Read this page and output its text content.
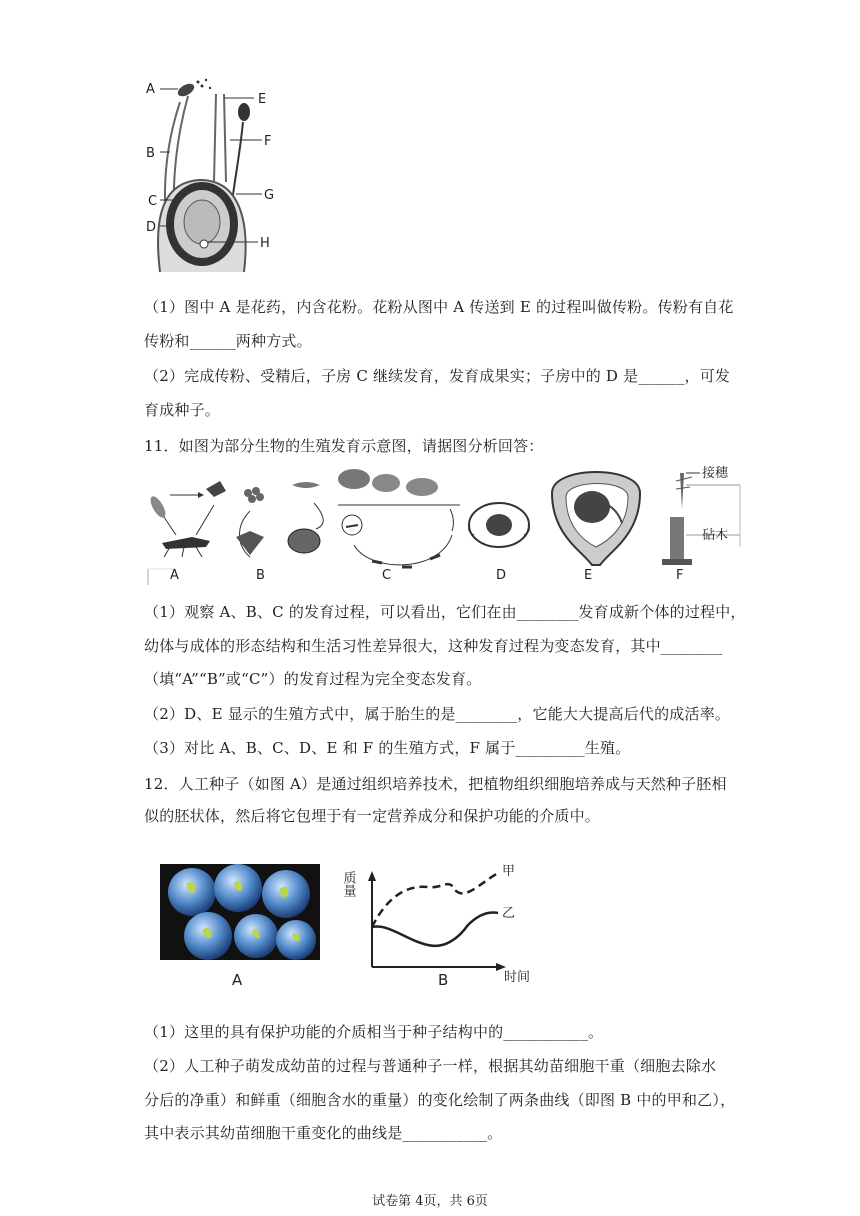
A
B
C
D
E
F
G
H
（1）图中 A 是花药，内含花粉。花粉从图中 A 传送到 E 的过程叫做传粉。传粉有自花
传粉和______两种方式。
（2）完成传粉、受精后，子房 C 继续发育，发育成果实；子房中的 D 是______，可发
育成种子。
11．如图为部分生物的生殖发育示意图，请据图分析回答：
接穗
砧木
A	B	C	D	E	F
（1）观察 A、B、C 的发育过程，可以看出，它们在由________发育成新个体的过程中，
幼体与成体的形态结构和生活习性差异很大，这种发育过程为变态发育，其中________
（填“A”“B”或“C”）的发育过程为完全变态发育。
（2）D、E 显示的生殖方式中，属于胎生的是________，它能大大提高后代的成活率。
（3）对比 A、B、C、D、E 和 F 的生殖方式，F 属于_________生殖。
12．人工种子（如图 A）是通过组织培养技术，把植物组织细胞培养成与天然种子胚相
似的胚状体，然后将它包埋于有一定营养成分和保护功能的介质中。
A
质量	甲
乙
时间
B
（1）这里的具有保护功能的介质相当于种子结构中的___________。
（2）人工种子萌发成幼苗的过程与普通种子一样，根据其幼苗细胞干重（细胞去除水
分后的净重）和鲜重（细胞含水的重量）的变化绘制了两条曲线（即图 B 中的甲和乙），
其中表示其幼苗细胞干重变化的曲线是___________。
试卷第 4页，共 6页
